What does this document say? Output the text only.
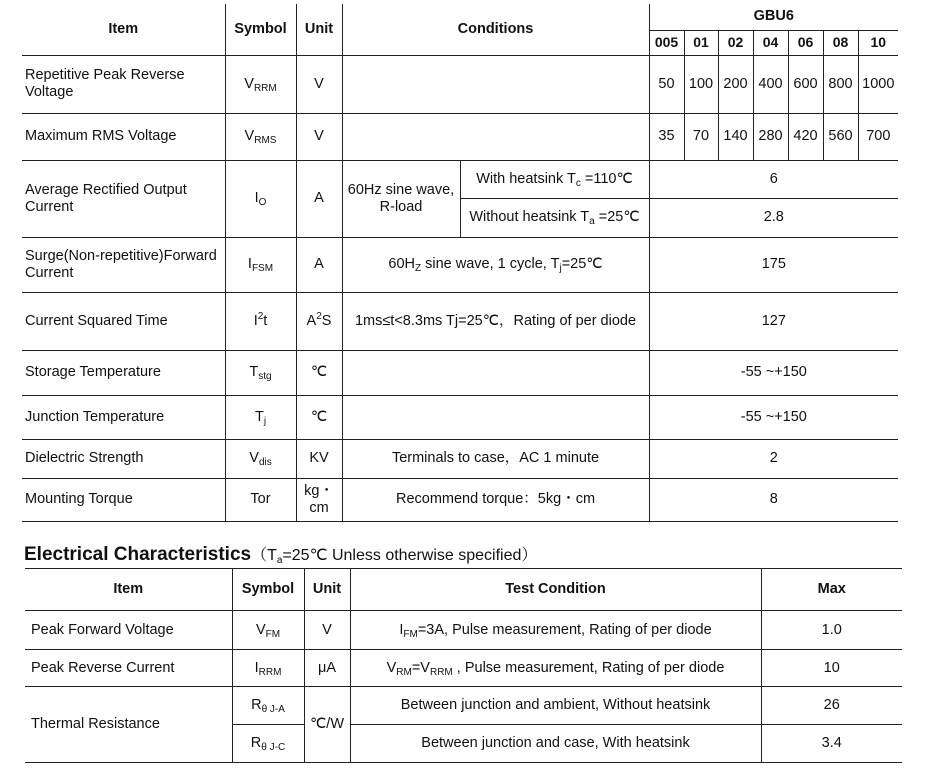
Item	Symbol	Unit	Conditions		GBU6						
					005	01	02	04	06	08	10
Repetitive Peak Reverse Voltage	$V_{RRM}$	V			50	100	200	400	600	800	1000
Maximum RMS Voltage	$V_{RMS}$	V			35	70	140	280	420	560	700
Average Rectified Output Current	$I_O$	A	60Hz sine wave, R-load	With heatsink $T_c$ =110℃	6						
				Without heatsink $T_a$ =25℃	2.8						
Surge(Non-repetitive)Forward Current	$I_{FSM}$	A	$60H_Z$ sine wave, 1 cycle, $T_j=25℃$		175						
Current Squared Time	$I^2t$	$A^2S$	1ms≤t<8.3ms Tj=25℃，Rating of per diode		127						
Storage Temperature	$T_{stg}$	℃			-55 ~+150						
Junction Temperature	$T_j$	℃			-55 ~+150						
Dielectric Strength	$V_{dis}$	KV	Terminals to case，AC 1 minute		2						
Mounting Torque	Tor	kg・cm	Recommend torque：5kg・cm		8						
Electrical $Characteristics(T_a=25℃$ Unless otherwise specified）
Item	Symbol	Unit	Test Condition	Max
Peak Forward Voltage	$V_{FM}$	V	$I_{FM}=3A$, Pulse measurement, Rating of per diode	1.0
Peak Reverse Current	$I_{RRM}$	μA	$V_{RM}=V_{RRM}$ , Pulse measurement, Rating of per diode	10
Thermal Resistance	$R_{\theta J-A}$	℃/W	Between junction and ambient, Without heatsink	26
	$R_{\theta J-C}$		Between junction and case, With heatsink	3.4
